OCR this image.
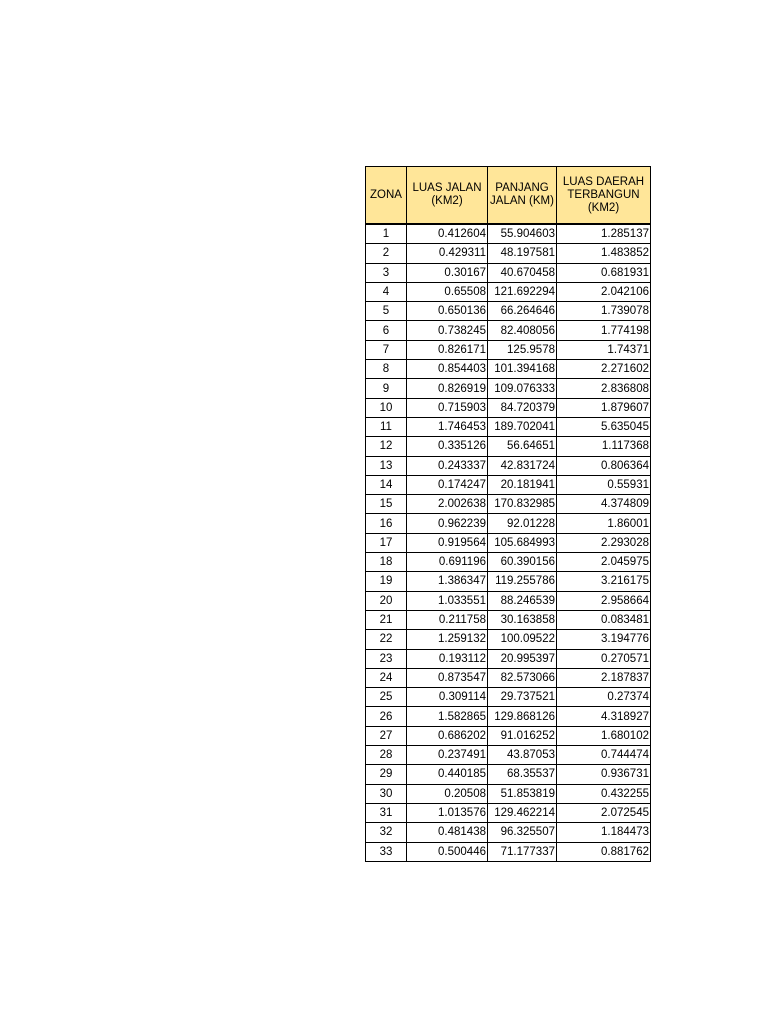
ZONA	LUAS JALAN (KM2)	PANJANG JALAN (KM)	LUAS DAERAH TERBANGUN (KM2)
1	0.412604	55.904603	1.285137
2	0.429311	48.197581	1.483852
3	0.30167	40.670458	0.681931
4	0.65508	121.692294	2.042106
5	0.650136	66.264646	1.739078
6	0.738245	82.408056	1.774198
7	0.826171	125.9578	1.74371
8	0.854403	101.394168	2.271602
9	0.826919	109.076333	2.836808
10	0.715903	84.720379	1.879607
11	1.746453	189.702041	5.635045
12	0.335126	56.64651	1.117368
13	0.243337	42.831724	0.806364
14	0.174247	20.181941	0.55931
15	2.002638	170.832985	4.374809
16	0.962239	92.01228	1.86001
17	0.919564	105.684993	2.293028
18	0.691196	60.390156	2.045975
19	1.386347	119.255786	3.216175
20	1.033551	88.246539	2.958664
21	0.211758	30.163858	0.083481
22	1.259132	100.09522	3.194776
23	0.193112	20.995397	0.270571
24	0.873547	82.573066	2.187837
25	0.309114	29.737521	0.27374
26	1.582865	129.868126	4.318927
27	0.686202	91.016252	1.680102
28	0.237491	43.87053	0.744474
29	0.440185	68.35537	0.936731
30	0.20508	51.853819	0.432255
31	1.013576	129.462214	2.072545
32	0.481438	96.325507	1.184473
33	0.500446	71.177337	0.881762
